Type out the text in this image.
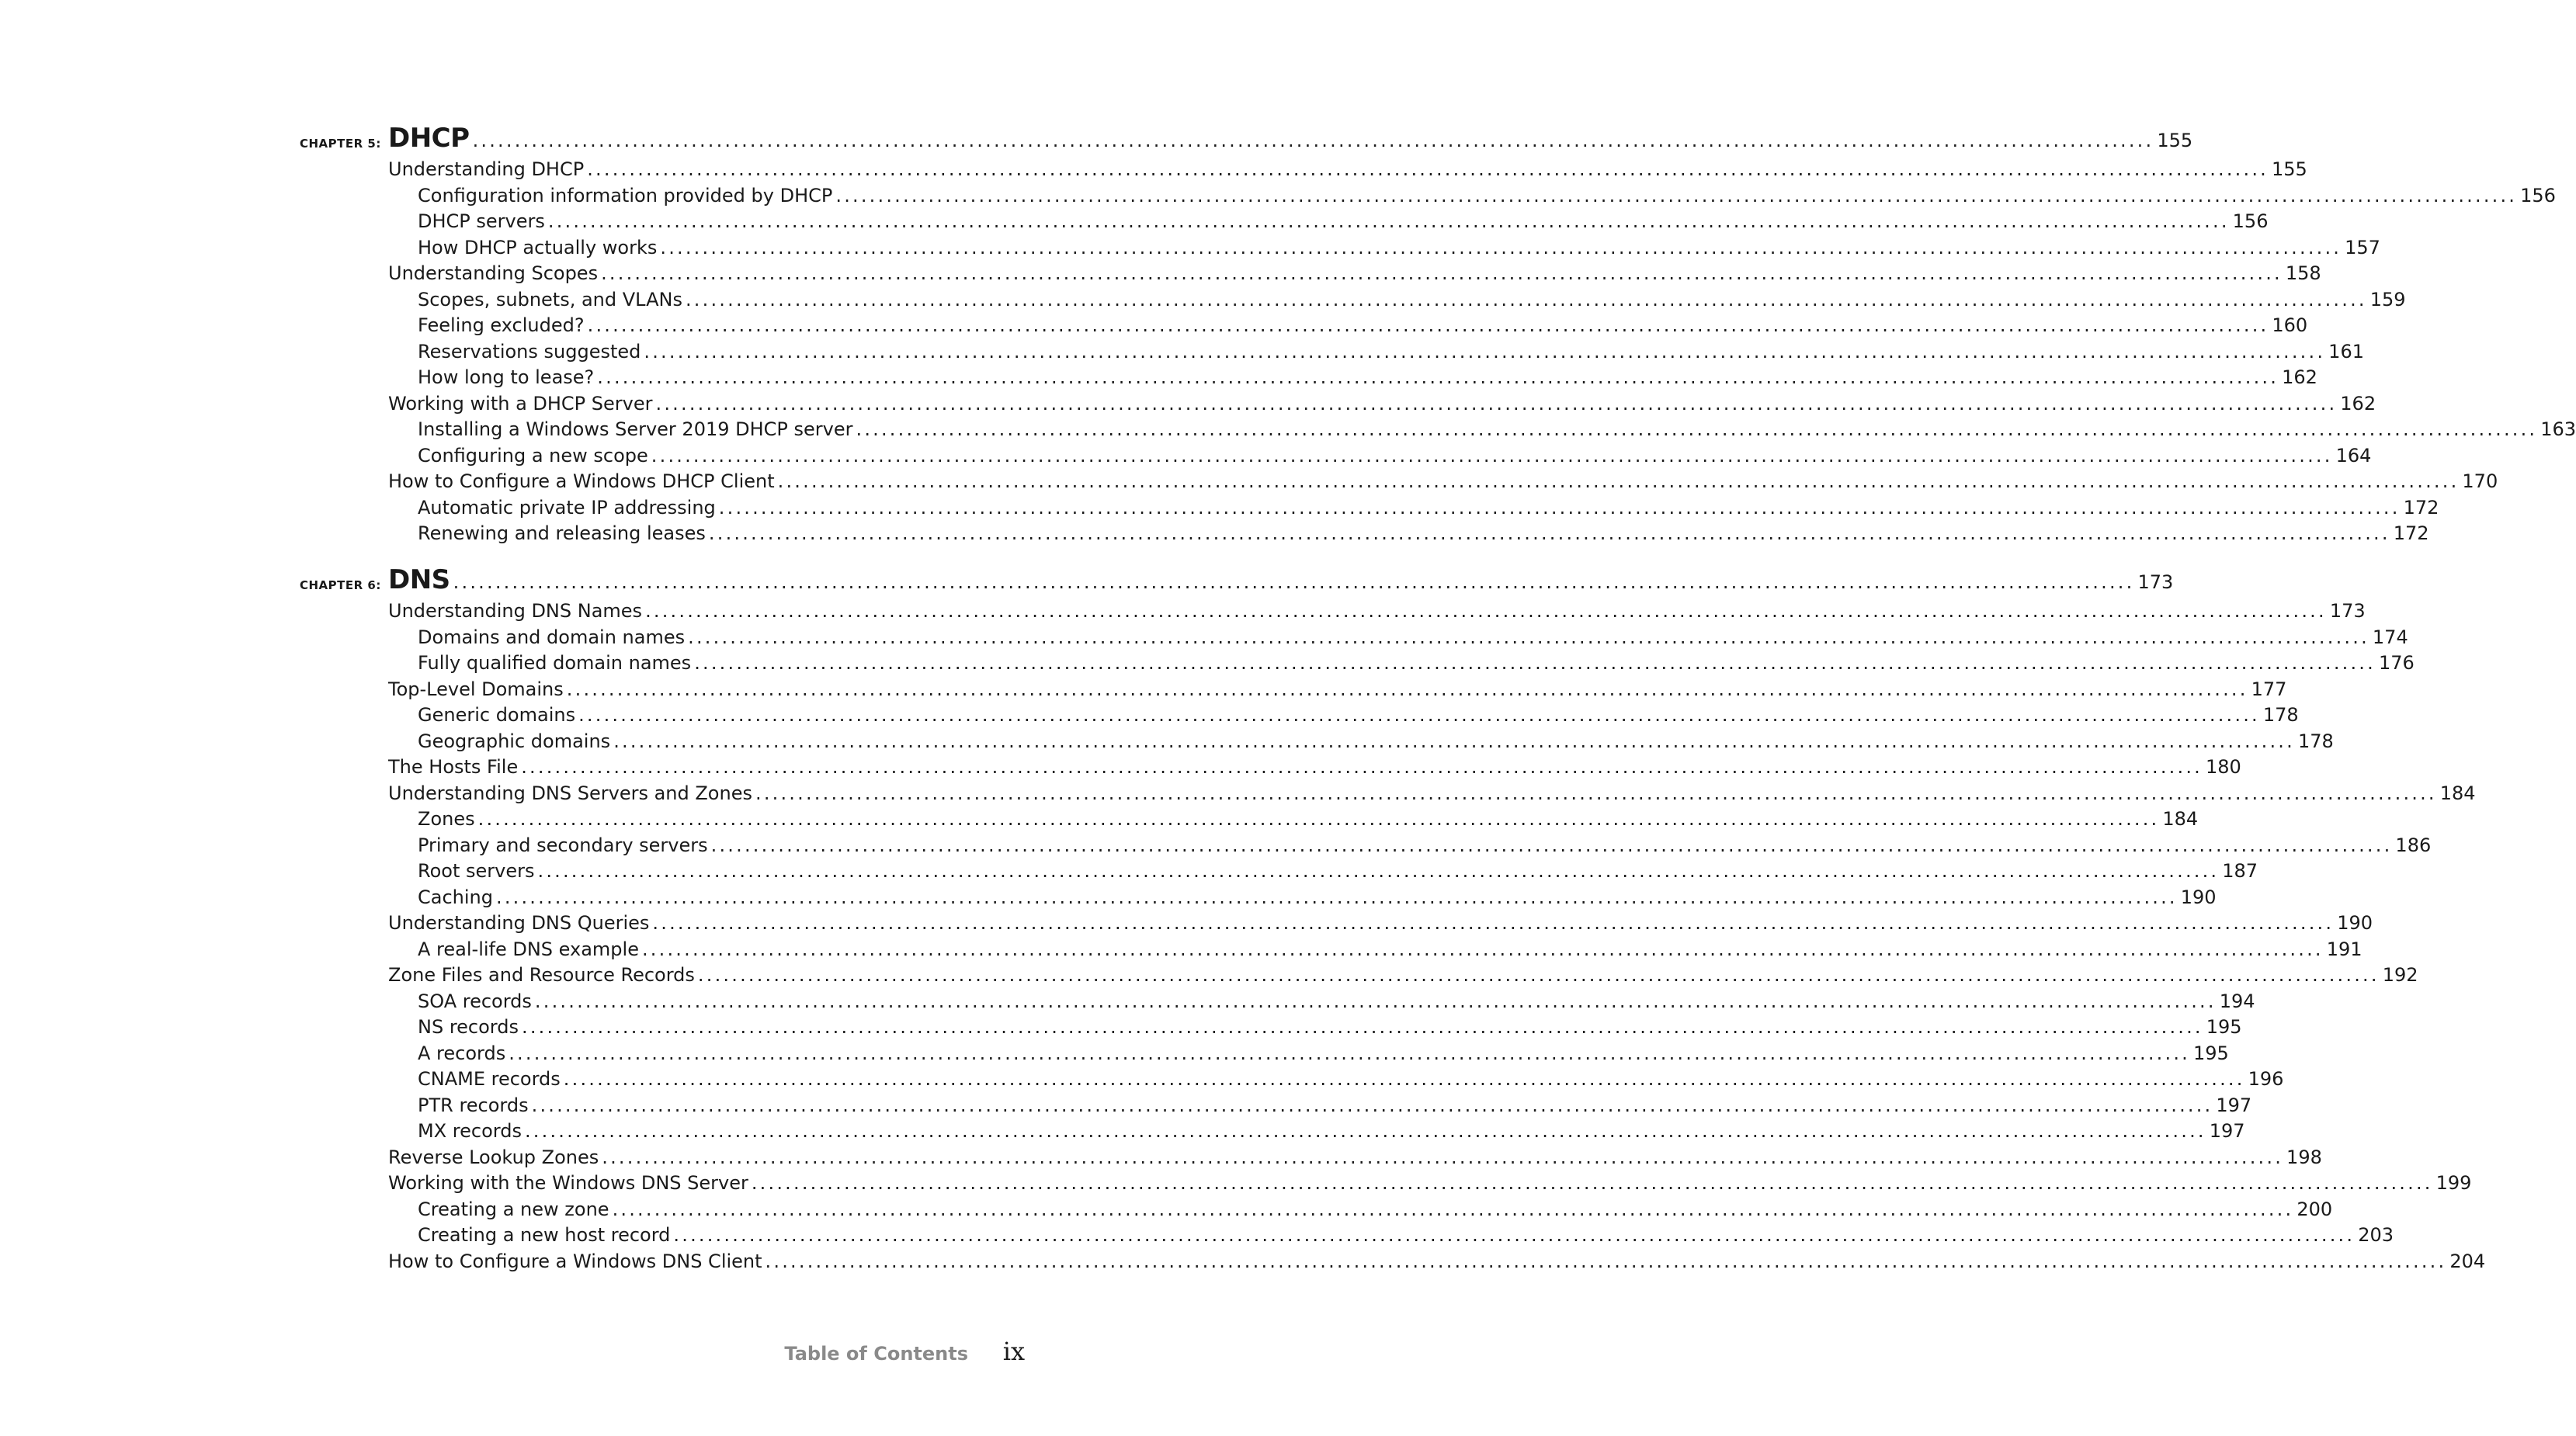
CHAPTER 5: DHCP ........................................................................................................................................................................................................ 155
Understanding DHCP ........................................................................................................................................................................................................ 155
Configuration information provided by DHCP ........................................................................................................................................................................................................ 156
DHCP servers ........................................................................................................................................................................................................ 156
How DHCP actually works ........................................................................................................................................................................................................ 157
Understanding Scopes ........................................................................................................................................................................................................ 158
Scopes, subnets, and VLANs ........................................................................................................................................................................................................ 159
Feeling excluded? ........................................................................................................................................................................................................ 160
Reservations suggested ........................................................................................................................................................................................................ 161
How long to lease? ........................................................................................................................................................................................................ 162
Working with a DHCP Server ........................................................................................................................................................................................................ 162
Installing a Windows Server 2019 DHCP server ........................................................................................................................................................................................................ 163
Configuring a new scope ........................................................................................................................................................................................................ 164
How to Configure a Windows DHCP Client ........................................................................................................................................................................................................ 170
Automatic private IP addressing ........................................................................................................................................................................................................ 172
Renewing and releasing leases ........................................................................................................................................................................................................ 172
CHAPTER 6: DNS ........................................................................................................................................................................................................ 173
Understanding DNS Names ........................................................................................................................................................................................................ 173
Domains and domain names ........................................................................................................................................................................................................ 174
Fully qualified domain names ........................................................................................................................................................................................................ 176
Top-Level Domains ........................................................................................................................................................................................................ 177
Generic domains ........................................................................................................................................................................................................ 178
Geographic domains ........................................................................................................................................................................................................ 178
The Hosts File ........................................................................................................................................................................................................ 180
Understanding DNS Servers and Zones ........................................................................................................................................................................................................ 184
Zones ........................................................................................................................................................................................................ 184
Primary and secondary servers ........................................................................................................................................................................................................ 186
Root servers ........................................................................................................................................................................................................ 187
Caching ........................................................................................................................................................................................................ 190
Understanding DNS Queries ........................................................................................................................................................................................................ 190
A real-life DNS example ........................................................................................................................................................................................................ 191
Zone Files and Resource Records ........................................................................................................................................................................................................ 192
SOA records ........................................................................................................................................................................................................ 194
NS records ........................................................................................................................................................................................................ 195
A records ........................................................................................................................................................................................................ 195
CNAME records ........................................................................................................................................................................................................ 196
PTR records ........................................................................................................................................................................................................ 197
MX records ........................................................................................................................................................................................................ 197
Reverse Lookup Zones ........................................................................................................................................................................................................ 198
Working with the Windows DNS Server ........................................................................................................................................................................................................ 199
Creating a new zone ........................................................................................................................................................................................................ 200
Creating a new host record ........................................................................................................................................................................................................ 203
How to Configure a Windows DNS Client ........................................................................................................................................................................................................ 204
Table of Contents ix
